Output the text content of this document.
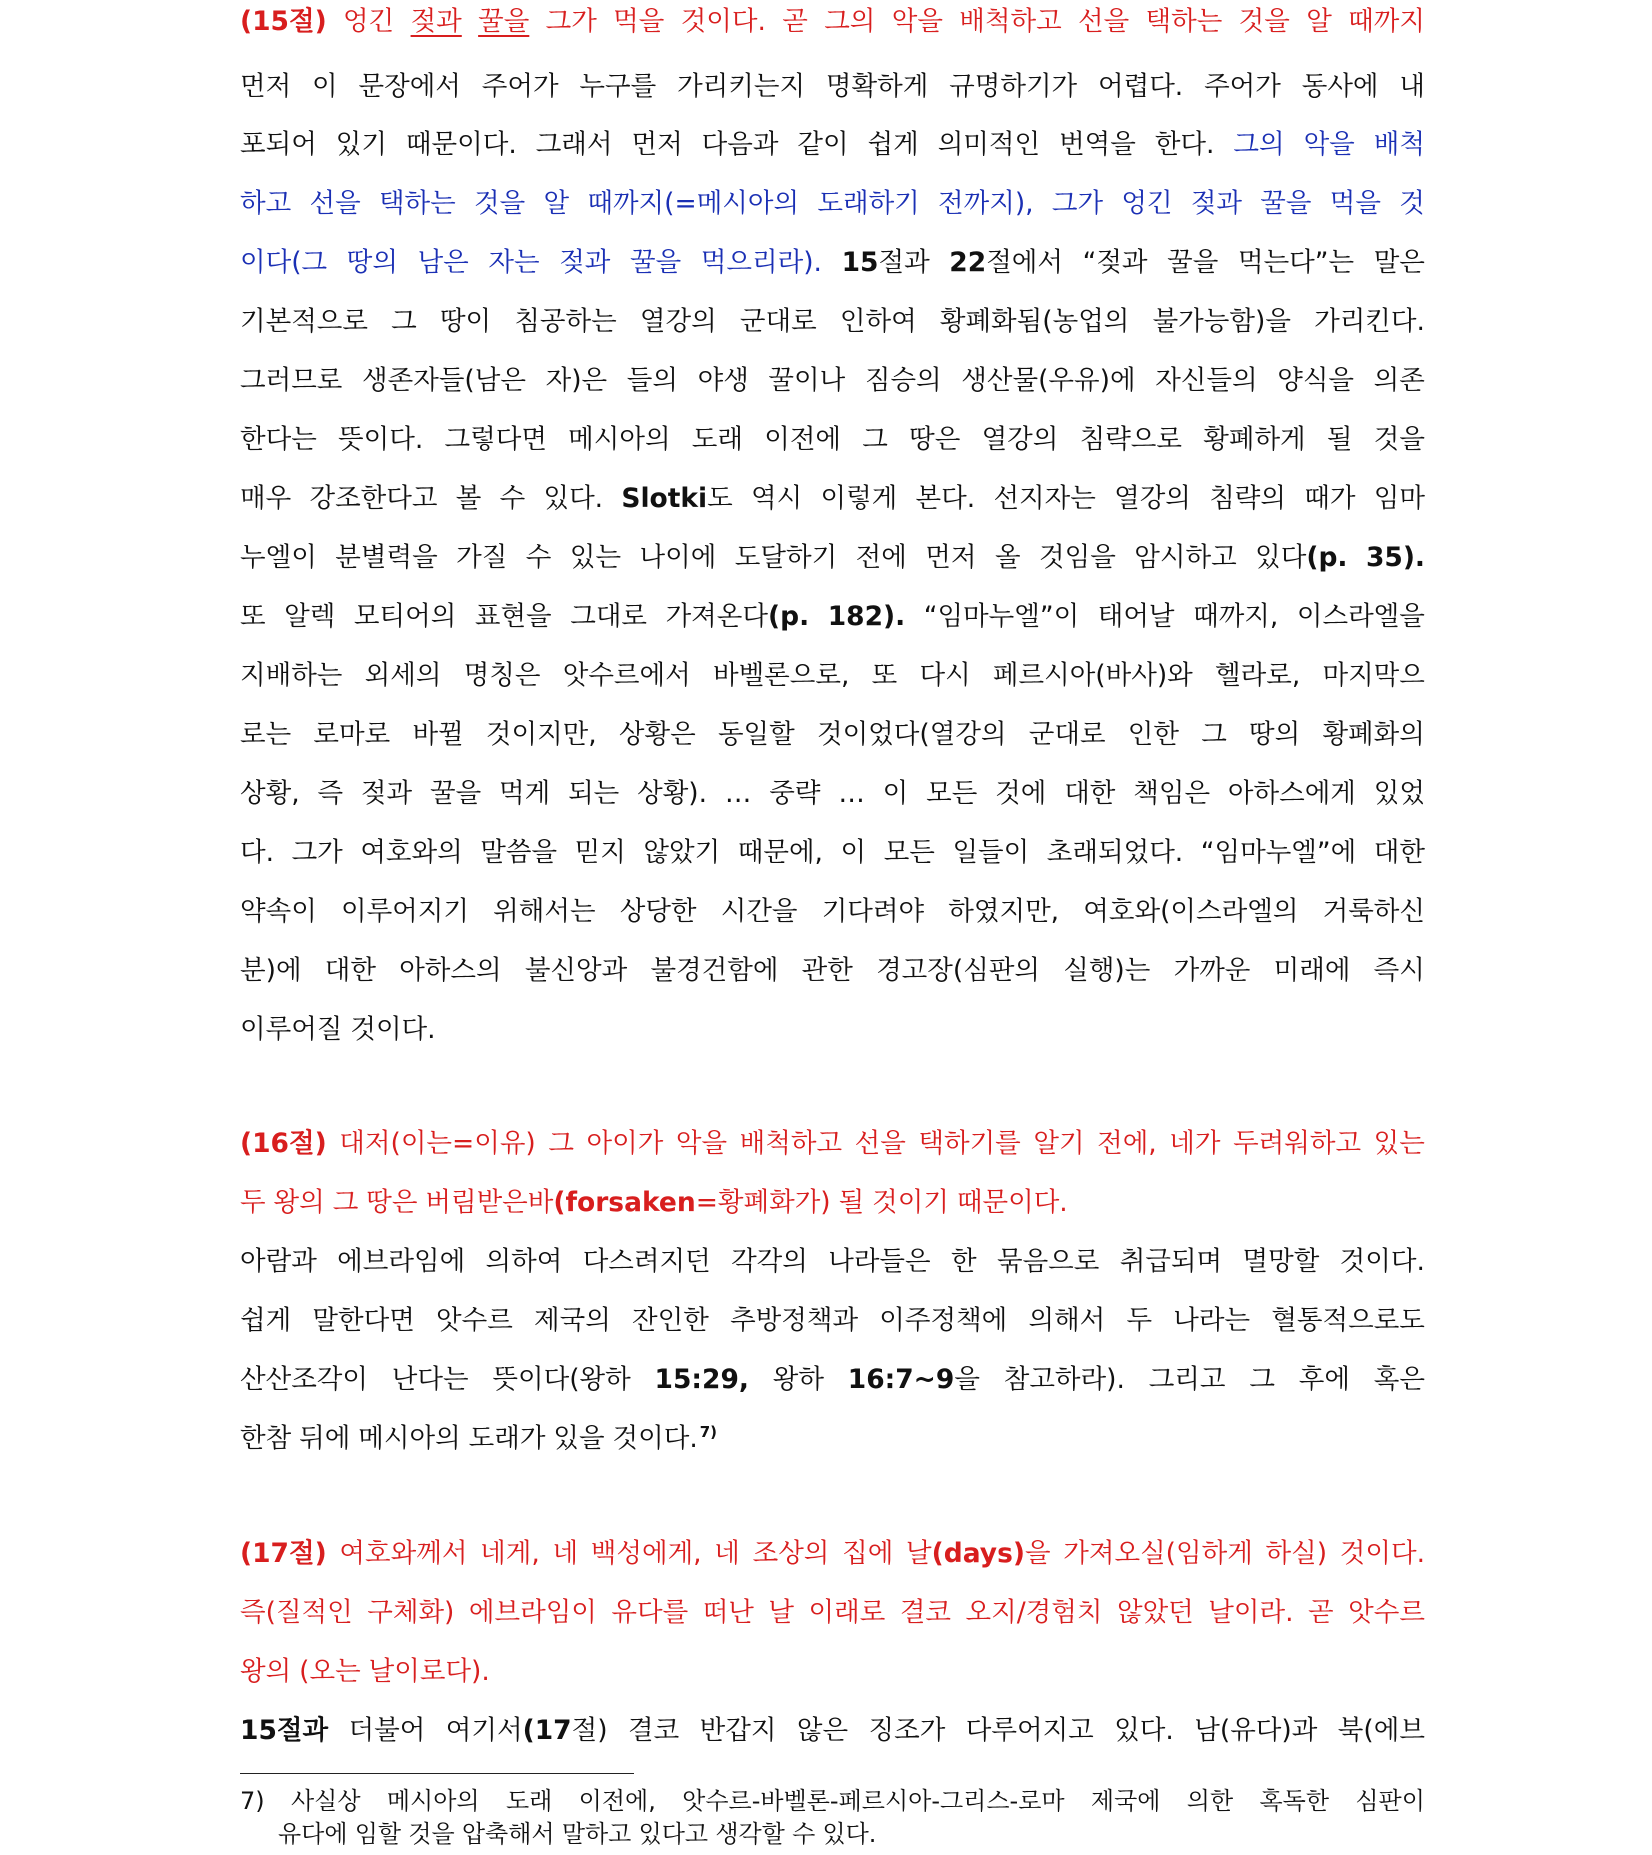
(15절) 엉긴 젖과 꿀을 그가 먹을 것이다. 곧 그의 악을 배척하고 선을 택하는 것을 알 때까지
먼저 이 문장에서 주어가 누구를 가리키는지 명확하게 규명하기가 어렵다. 주어가 동사에 내
포되어 있기 때문이다. 그래서 먼저 다음과 같이 쉽게 의미적인 번역을 한다. 그의 악을 배척
하고 선을 택하는 것을 알 때까지(=메시아의 도래하기 전까지), 그가 엉긴 젖과 꿀을 먹을 것
이다(그 땅의 남은 자는 젖과 꿀을 먹으리라). 15절과 22절에서 “젖과 꿀을 먹는다”는 말은
기본적으로 그 땅이 침공하는 열강의 군대로 인하여 황폐화됨(농업의 불가능함)을 가리킨다.
그러므로 생존자들(남은 자)은 들의 야생 꿀이나 짐승의 생산물(우유)에 자신들의 양식을 의존
한다는 뜻이다. 그렇다면 메시아의 도래 이전에 그 땅은 열강의 침략으로 황폐하게 될 것을
매우 강조한다고 볼 수 있다. Slotki도 역시 이렇게 본다. 선지자는 열강의 침략의 때가 임마
누엘이 분별력을 가질 수 있는 나이에 도달하기 전에 먼저 올 것임을 암시하고 있다(p. 35).
또 알렉 모티어의 표현을 그대로 가져온다(p. 182). “임마누엘”이 태어날 때까지, 이스라엘을
지배하는 외세의 명칭은 앗수르에서 바벨론으로, 또 다시 페르시아(바사)와 헬라로, 마지막으
로는 로마로 바뀔 것이지만, 상황은 동일할 것이었다(열강의 군대로 인한 그 땅의 황폐화의
상황, 즉 젖과 꿀을 먹게 되는 상황). … 중략 … 이 모든 것에 대한 책임은 아하스에게 있었
다. 그가 여호와의 말씀을 믿지 않았기 때문에, 이 모든 일들이 초래되었다. “임마누엘”에 대한
약속이 이루어지기 위해서는 상당한 시간을 기다려야 하였지만, 여호와(이스라엘의 거룩하신
분)에 대한 아하스의 불신앙과 불경건함에 관한 경고장(심판의 실행)는 가까운 미래에 즉시
이루어질 것이다.
(16절) 대저(이는=이유) 그 아이가 악을 배척하고 선을 택하기를 알기 전에, 네가 두려워하고 있는
두 왕의 그 땅은 버림받은바(forsaken=황폐화가) 될 것이기 때문이다.
아람과 에브라임에 의하여 다스려지던 각각의 나라들은 한 묶음으로 취급되며 멸망할 것이다.
쉽게 말한다면 앗수르 제국의 잔인한 추방정책과 이주정책에 의해서 두 나라는 혈통적으로도
산산조각이 난다는 뜻이다(왕하 15:29, 왕하 16:7~9을 참고하라). 그리고 그 후에 혹은
한참 뒤에 메시아의 도래가 있을 것이다. 7)
(17절) 여호와께서 네게, 네 백성에게, 네 조상의 집에 날(days)을 가져오실(임하게 하실) 것이다.
즉(질적인 구체화) 에브라임이 유다를 떠난 날 이래로 결코 오지/경험치 않았던 날이라. 곧 앗수르
왕의 (오는 날이로다).
15절과 더불어 여기서(17절) 결코 반갑지 않은 징조가 다루어지고 있다. 남(유다)과 북(에브
7) 사실상 메시아의 도래 이전에, 앗수르-바벨론-페르시아-그리스-로마 제국에 의한 혹독한 심판이
유다에 임할 것을 압축해서 말하고 있다고 생각할 수 있다.
